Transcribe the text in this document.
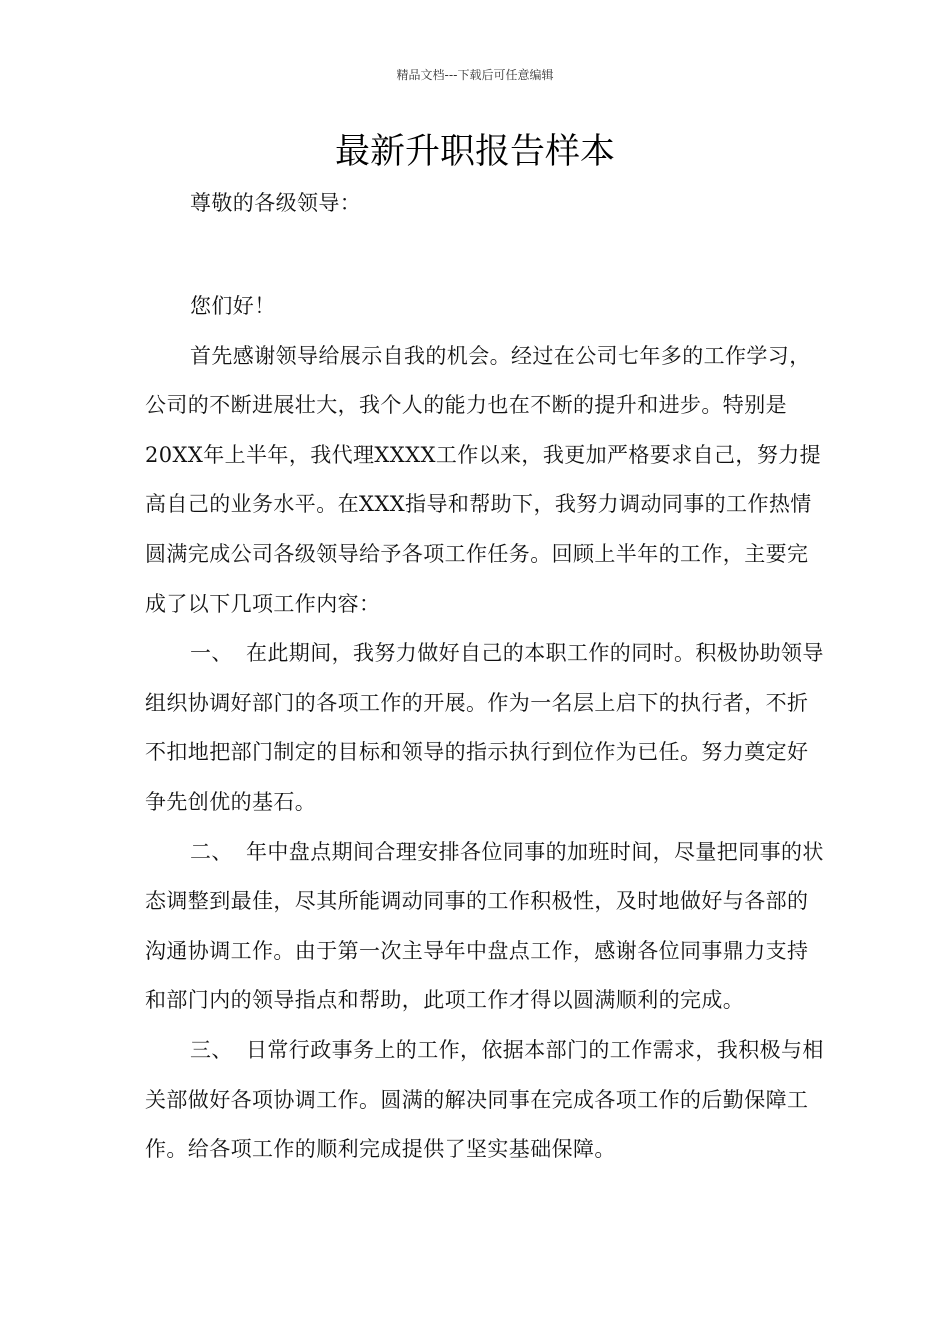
精品文档---下载后可任意编辑
最新升职报告样本

尊敬的各级领导：

您们好！

首先感谢领导给展示自我的机会。经过在公司七年多的工作学习，公司的不断进展壮大，我个人的能力也在不断的提升和进步。特别是20XX年上半年，我代理XXXX工作以来，我更加严格要求自己，努力提高自己的业务水平。在XXX指导和帮助下，我努力调动同事的工作热情圆满完成公司各级领导给予各项工作任务。回顾上半年的工作，主要完成了以下几项工作内容：

一、 在此期间，我努力做好自己的本职工作的同时。积极协助领导组织协调好部门的各项工作的开展。作为一名层上启下的执行者，不折不扣地把部门制定的目标和领导的指示执行到位作为已任。努力奠定好争先创优的基石。

二、 年中盘点期间合理安排各位同事的加班时间，尽量把同事的状态调整到最佳，尽其所能调动同事的工作积极性，及时地做好与各部的沟通协调工作。由于第一次主导年中盘点工作，感谢各位同事鼎力支持和部门内的领导指点和帮助，此项工作才得以圆满顺利的完成。

三、 日常行政事务上的工作，依据本部门的工作需求，我积极与相关部做好各项协调工作。圆满的解决同事在完成各项工作的后勤保障工作。给各项工作的顺利完成提供了坚实基础保障。
